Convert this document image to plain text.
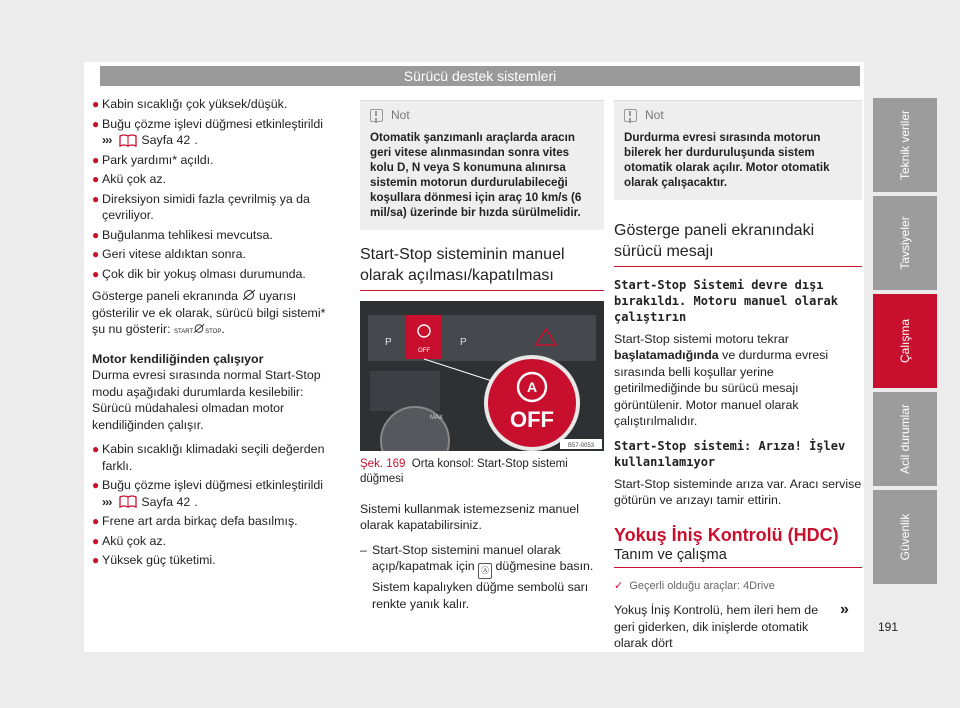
Sürücü destek sistemleri
● Kabin sıcaklığı çok yüksek/düşük.
● Buğu çözme işlevi düğmesi etkinleştirildi

››› Sayfa 42 .
● Park yardımı* açıldı.
● Akü çok az.
● Direksiyon simidi fazla çevrilmiş ya da çevriliyor.
● Buğulanma tehlikesi mevcutsa.
● Geri vitese aldıktan sonra.
● Çok dik bir yokuş olması durumunda.

Gösterge paneli ekranında uyarısı gösterilir ve ek olarak, sürücü bilgi sistemi* şu nu gösterir: START STOP.

Motor kendiliğinden çalışıyor

Durma evresi sırasında normal Start-Stop modu aşağıdaki durumlarda kesilebilir: Sürücü müdahalesi olmadan motor kendiliğinden çalışır.

● Kabin sıcaklığı klimadaki seçili değerden farklı.
● Buğu çözme işlevi düğmesi etkinleştirildi

››› Sayfa 42 .
● Frene art arda birkaç defa basılmış.
● Akü çok az.
● Yüksek güç tüketimi.
Not
Otomatik şanzımanlı araçlarda aracın geri vitese alınmasından sonra vites kolu D, N veya S konumuna alınırsa sistemin motorun durdurulabileceği koşullara dönmesi için araç 10 km/s (6 mil/sa) üzerinde bir hızda sürülmelidir.
Start-Stop sisteminin manuel olarak açılması/kapatılması
OFF
P	P
MAX
A
OFF
B57-0053
Şek. 169 Orta konsol: Start-Stop sistemi düğmesi

Sistemi kullanmak istemezseniz manuel olarak kapatabilirsiniz.

– Start-Stop sistemini manuel olarak açıp/kapatmak için Ⓐ düğmesine basın. Sistem kapalıyken düğme sembolü sarı renkte yanık kalır.
Not
Durdurma evresi sırasında motorun bilerek her durduruluşunda sistem otomatik olarak açılır. Motor otomatik olarak çalışacaktır.
Gösterge paneli ekranındaki sürücü mesajı
Start-Stop Sistemi devre dışı bırakıldı. Motoru manuel olarak çalıştırın

Start-Stop sistemi motoru tekrar başlatamadığında ve durdurma evresi sırasında belli koşullar yerine getirilmediğinde bu sürücü mesajı görüntülenir. Motor manuel olarak çalıştırılmalıdır.

Start-Stop sistemi: Arıza! İşlev kullanılamıyor

Start-Stop sisteminde arıza var. Aracı servise götürün ve arızayı tamir ettirin.

Yokuş İniş Kontrolü (HDC)
Tanım ve çalışma

✓ Geçerli olduğu araçlar: 4Drive

Yokuş İniş Kontrolü, hem ileri hem de geri giderken, dik inişlerde otomatik olarak dört

»
Teknik veriler
Tavsiyeler
Çalışma
Acil durumlar
Güvenlik
191
